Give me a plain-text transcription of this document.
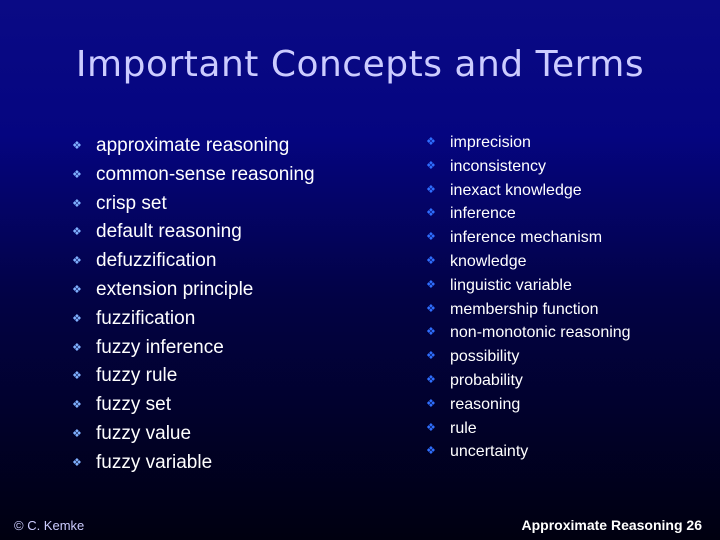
Important Concepts and Terms
❖ approximate reasoning
❖ common-sense reasoning
❖ crisp set
❖ default reasoning
❖ defuzzification
❖ extension principle
❖ fuzzification
❖ fuzzy inference
❖ fuzzy rule
❖ fuzzy set
❖ fuzzy value
❖ fuzzy variable
❖ imprecision
❖ inconsistency
❖ inexact knowledge
❖ inference
❖ inference mechanism
❖ knowledge
❖ linguistic variable
❖ membership function
❖ non-monotonic reasoning
❖ possibility
❖ probability
❖ reasoning
❖ rule
❖ uncertainty
© C. Kemke	Approximate Reasoning 26
